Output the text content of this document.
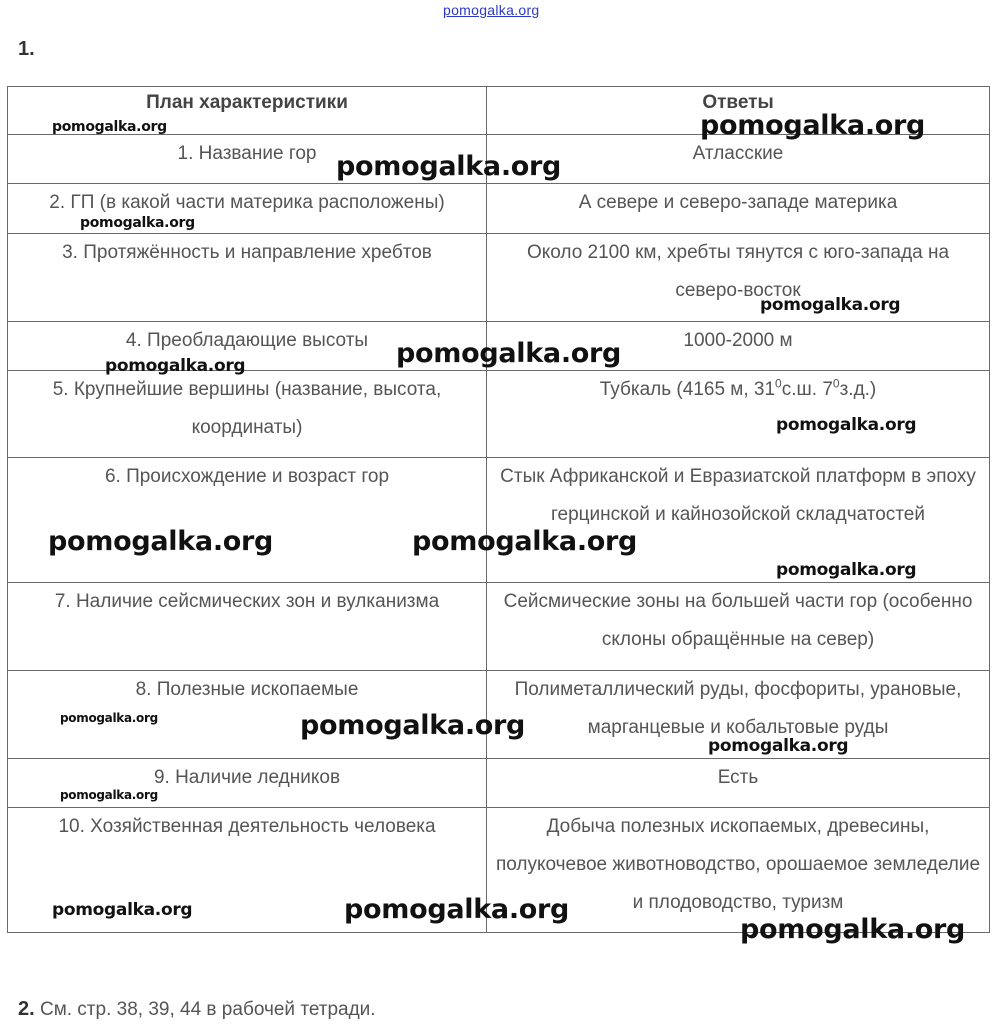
pomogalka.org
1.
План характеристики	Ответы
1. Название гор	Атласские
2. ГП (в какой части материка расположены)	А севере и северо-западе материка
3. Протяжённость и направление хребтов	Около 2100 км, хребты тянутся с юго-запада на северо-восток
4. Преобладающие высоты	1000-2000 м
5. Крупнейшие вершины (название, высота, координаты)	Тубкаль (4165 м, $31^0с.ш$. $7^0з.д$.)
6. Происхождение и возраст гор	Стык Африканской и Евразиатской платформ в эпоху герцинской и кайнозойской складчатостей
7. Наличие сейсмических зон и вулканизма	Сейсмические зоны на большей части гор (особенно склоны обращённые на север)
8. Полезные ископаемые	Полиметаллический руды, фосфориты, урановые, марганцевые и кобальтовые руды
9. Наличие ледников	Есть
10. Хозяйственная деятельность человека	Добыча полезных ископаемых, древесины, полукочевое животноводство, орошаемое земледелие и плодоводство, туризм
2. См. стр. 38, 39, 44 в рабочей тетради.
pomogalka.org	pomogalka.org
pomogalka.org
pomogalka.org
pomogalka.org
pomogalka.org	pomogalka.org
pomogalka.org
pomogalka.org	pomogalka.org
pomogalka.org
pomogalka.org	pomogalka.org
pomogalka.org
pomogalka.org
pomogalka.org	pomogalka.org
pomogalka.org
